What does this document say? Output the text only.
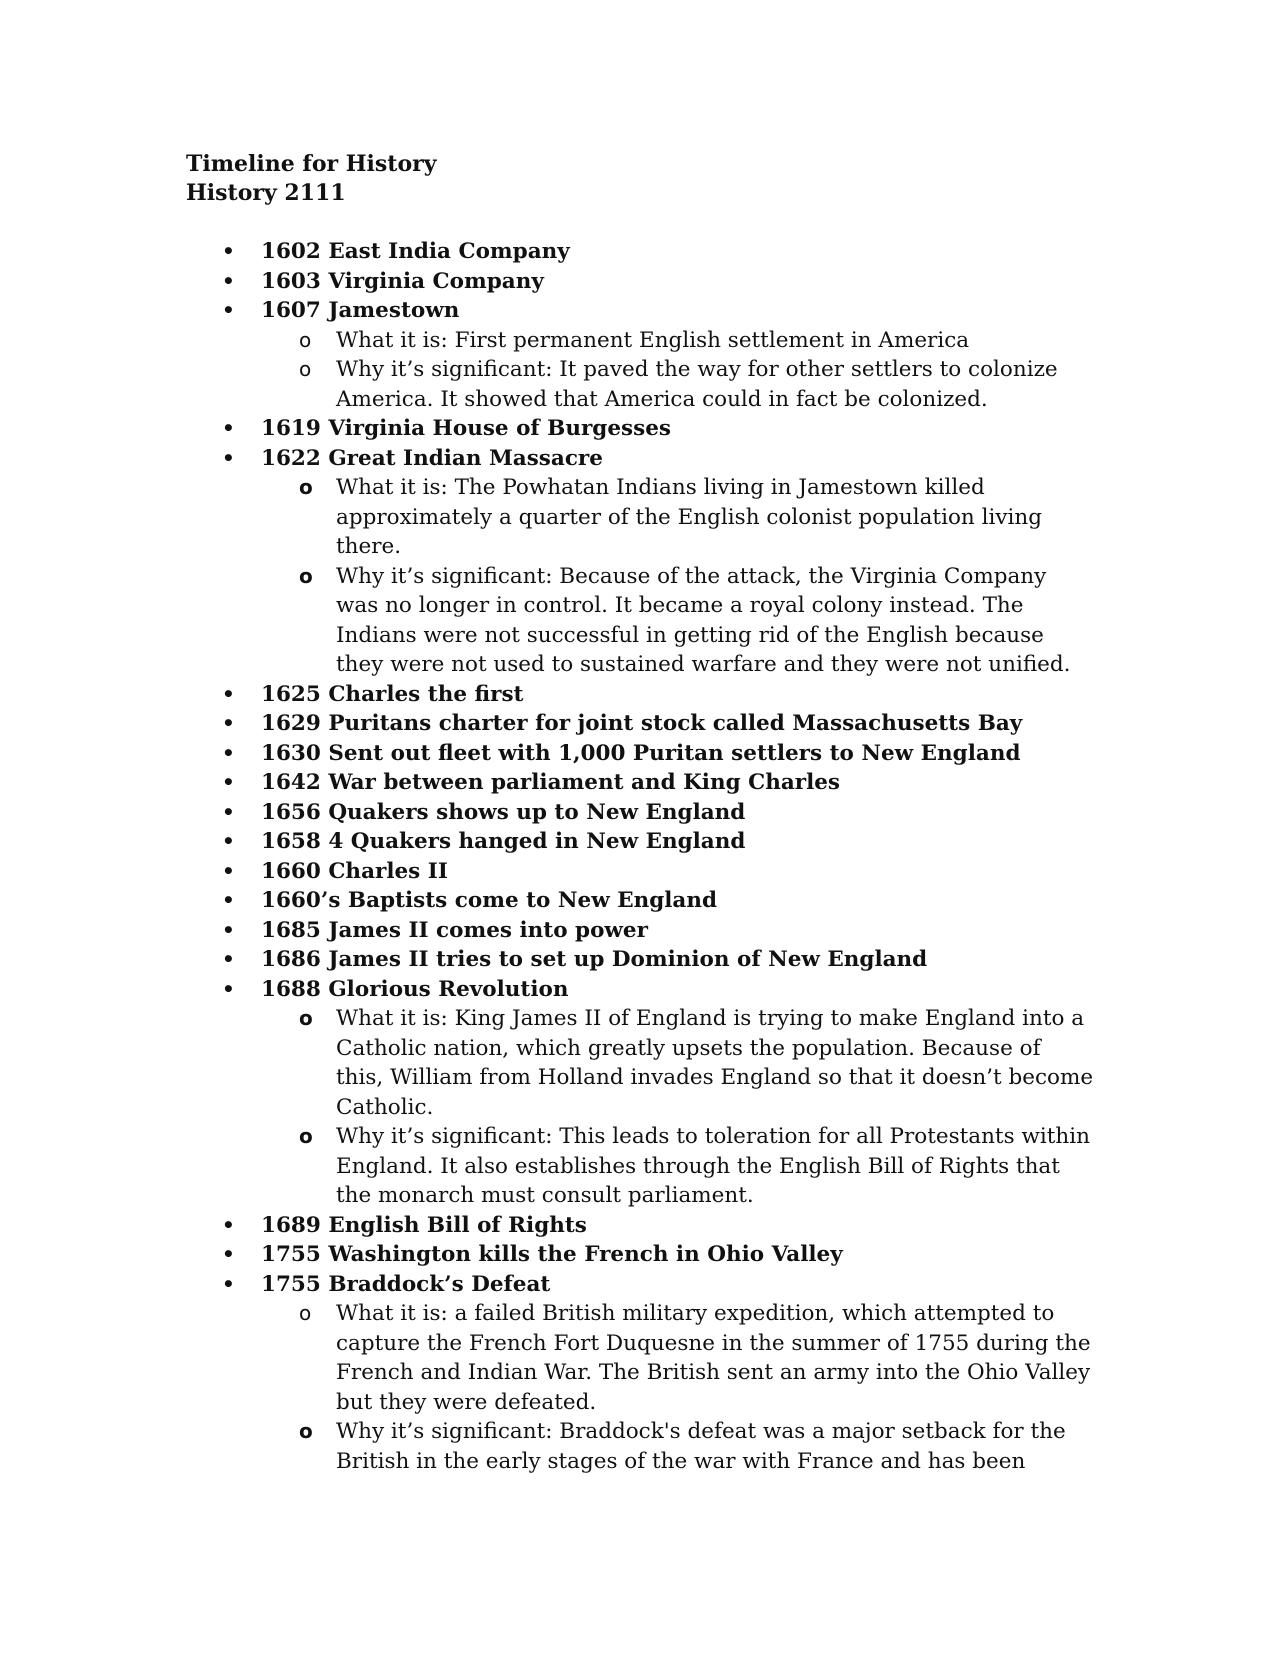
Timeline for History
History 2111
• 1602 East India Company
• 1603 Virginia Company
• 1607 Jamestown
o What it is: First permanent English settlement in America
o Why it’s significant: It paved the way for other settlers to colonize America. It showed that America could in fact be colonized.
• 1619 Virginia House of Burgesses
• 1622 Great Indian Massacre
o What it is: The Powhatan Indians living in Jamestown killed approximately a quarter of the English colonist population living there.
o Why it’s significant: Because of the attack, the Virginia Company was no longer in control. It became a royal colony instead. The Indians were not successful in getting rid of the English because they were not used to sustained warfare and they were not unified.
• 1625 Charles the first
• 1629 Puritans charter for joint stock called Massachusetts Bay
• 1630 Sent out fleet with 1,000 Puritan settlers to New England
• 1642 War between parliament and King Charles
• 1656 Quakers shows up to New England
• 1658 4 Quakers hanged in New England
• 1660 Charles II
• 1660’s Baptists come to New England
• 1685 James II comes into power
• 1686 James II tries to set up Dominion of New England
• 1688 Glorious Revolution
o What it is: King James II of England is trying to make England into a Catholic nation, which greatly upsets the population. Because of this, William from Holland invades England so that it doesn’t become Catholic.
o Why it’s significant: This leads to toleration for all Protestants within England. It also establishes through the English Bill of Rights that the monarch must consult parliament.
• 1689 English Bill of Rights
• 1755 Washington kills the French in Ohio Valley
• 1755 Braddock’s Defeat
o What it is: a failed British military expedition, which attempted to capture the French Fort Duquesne in the summer of 1755 during the French and Indian War. The British sent an army into the Ohio Valley but they were defeated.
o Why it’s significant: Braddock's defeat was a major setback for the British in the early stages of the war with France and has been
